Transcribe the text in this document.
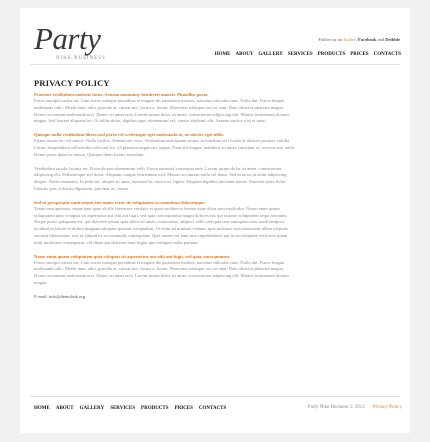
Party
NIKE BUSINESS
Follow us on Twitter, Facebook and Dribble
HOME ABOUT GALLERY SERVICES PRODUCTS PRICES CONTACTS
PRIVACY POLICY

Praesent vestibulum molestie lacus. Aenean nonummy hendrerit mauris. Phasellus porta.

Fusce suscipit varius mi. Cum sociis natoque penatibus et magnis dis parturient montes, nascetur ridiculus mus. Nulla dui. Fusce feugiat malesuada odio. Morbi nunc odio, gravida at, cursus nec, luctus a, lorem. Maecenas tristique orci ac sem. Duis ultricies pharetra magna. Donec accumsan malesuada orci. Donec sit amet eros. Lorem ipsum dolor sit amet, consectetuer adipiscing elit. Mauris fermentum dictum magna. Sed laoreet aliquam leo. Ut tellus dolor, dapibus eget, elementum vel, cursus eleifend, elit. Aenean auctor wisi et urna.

Quisque nulla vestibulum libero nisl porta vel scelerisque eget malesuada at, ne ulacies eget nibh.

Etiam cursus leo vel metus. Nulla facilisi. Aenean nec eros. Vestibulum ante ipsum primis in faucibus orci luctus et ultrices posuere cubilia Curae; Suspendisse sollicitudin velit sed leo. Ut pharetra augue nec augue. Nam elit magna, hendrerit sit amet, tincidunt ac, viverra sed, nulla. Donec porta diam eu massa. Quisque diam lorem, interdum.

Vestibulum iaculis lacinia est. Proin dictum elementum velit. Fusce euismod consequat ante. Lorem ipsum dolor sit amet, consectetuer adipiscing elit. Pellentesque sed dolor. Aliquam congue fermentum nisl. Mauris accumsan nulla vel diam. Sed in lacus ut enim adipiscing aliquet. Nulla venenatis. In pede mi, aliquet sit amet, euismod in, auctor ut, ligula. Aliquam dapibus tincidunt metus. Praesent justo dolor, lobortis quis, lobortis dignissim, pulvinar ac, lorem.

Sed ut perspiciatis unde omnis iste natus error sit voluptatem accusantium doloremque.

Totam rem aperiam, eaque ipsa quae ab illo inventore veritatis et quasi architecto beatae vitae dicta sunt explicabo. Nemo enim ipsam voluptatem quia voluptas sit aspernatur aut odit aut fugit, sed quia consequuntur magni dolores eos qui ratione voluptatem sequi nesciunt. Neque porro quisquam est, qui dolorem ipsum quia dolor sit amet, consectetur, adipisci velit, sed quia non numquam eius modi tempora incidunt ut labore et dolore magnam aliquam quaerat voluptatem. Ut enim ad minima veniam, quis nostrum exercitationem ullam corporis suscipit laboriosam, nisi ut aliquid ex ea commodi consequatur. Quis autem vel eum iure reprehenderit qui in ea voluptate velit esse quam nihil molestiae consequatur, vel illum qui dolorem eum fugiat quo voluptas nulla pariatur.

Nemo enim ipsam voluptatem quia voluptas sit aspernatur aut odit aut fugit, sed quia consequuntur.

Fusce suscipit varius mi. Cum sociis natoque penatibus et magnis dis parturient montes, nascetur ridiculus mus. Nulla dui. Fusce feugiat malesuada odio. Morbi nunc odio, gravida at, cursus nec, luctus a, lorem. Maecenas tristique orci ac sem. Duis ultricies pharetra magna. Donec accumsan malesuada orci. Donec sit amet eros. Lorem ipsum dolor sit amet, consectetuer adipiscing elit. Mauris fermentum dictum magna.

E-mail: info@demolink.org
HOME ABOUT GALLERY SERVICES PRODUCTS PRICES CONTACTS	Party Nike Business © 2013 Privacy Policy
